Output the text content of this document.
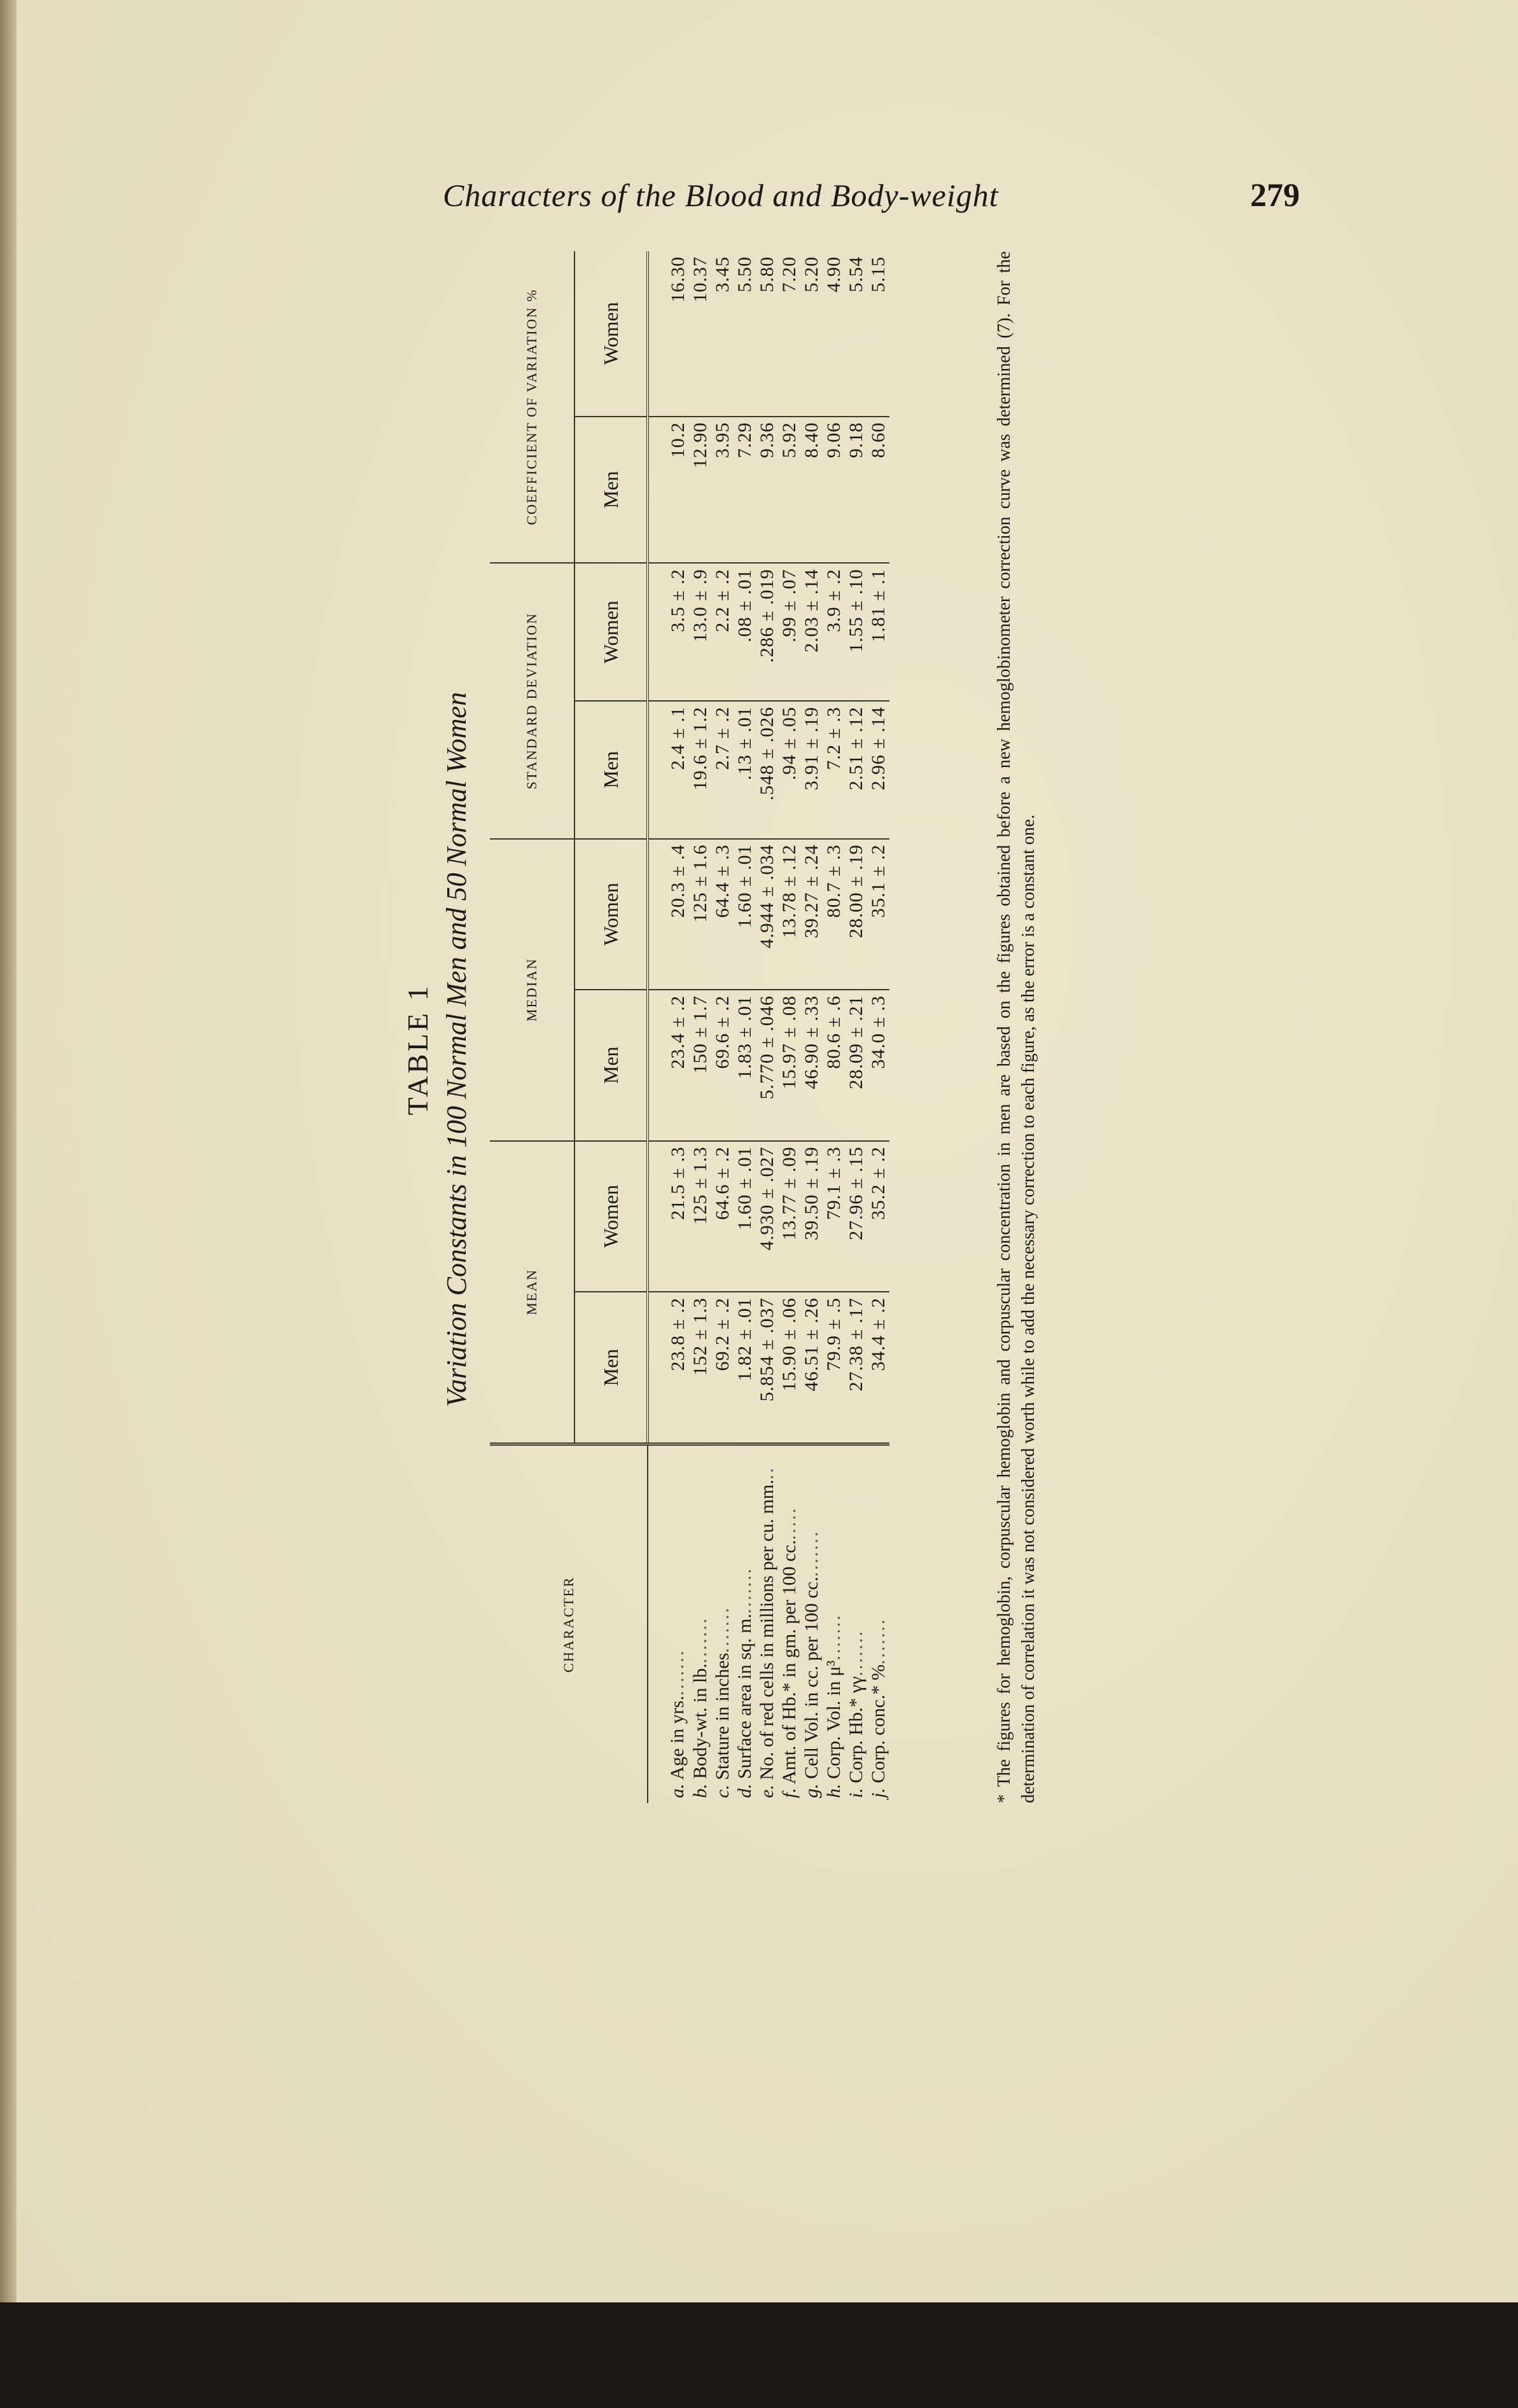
Characters of the Blood and Body-weight	279
TABLE 1 Variation Constants in 100 Normal Men and 50 Normal Women
CHARACTER	MEAN		MEDIAN		STANDARD DEVIATION		COEFFICIENT OF VARIATION %	
	Men	Women	Men	Women	Men	Women	Men	Women
a. Age in yrs........	23.8 ± .2	21.5 ± .3	23.4 ± .2	20.3 ± .4	2.4 ± .1	3.5 ± .2	10.2	16.30
b. Body-wt. in lb........	152 ± 1.3	125 ± 1.3	150 ± 1.7	125 ± 1.6	19.6 ± 1.2	13.0 ± .9	12.90	10.37
c. Stature in inches.......	69.2 ± .2	64.6 ± .2	69.6 ± .2	64.4 ± .3	2.7 ± .2	2.2 ± .2	3.95	3.45
d. Surface area in sq. m........	1.82 ± .01	1.60 ± .01	1.83 ± .01	1.60 ± .01	.13 ± .01	.08 ± .01	7.29	5.50
e. No. of red cells in millions per cu. mm...	5.854 ± .037	4.930 ± .027	5.770 ± .046	4.944 ± .034	.548 ± .026	.286 ± .019	9.36	5.80
f. Amt. of Hb.* in gm. per 100 cc......	15.90 ± .06	13.77 ± .09	15.97 ± .08	13.78 ± .12	.94 ± .05	.99 ± .07	5.92	7.20
g. Cell Vol. in cc. per 100 cc........	46.51 ± .26	39.50 ± .19	46.90 ± .33	39.27 ± .24	3.91 ± .19	2.03 ± .14	8.40	5.20
h. Corp. Vol. in μ³.......	79.9 ± .5	79.1 ± .3	80.6 ± .6	80.7 ± .3	7.2 ± .3	3.9 ± .2	9.06	4.90
i. Corp. Hb.* γγ.......	27.38 ± .17	27.96 ± .15	28.09 ± .21	28.00 ± .19	2.51 ± .12	1.55 ± .10	9.18	5.54
j. Corp. conc.* %.......	34.4 ± .2	35.2 ± .2	34.0 ± .3	35.1 ± .2	2.96 ± .14	1.81 ± .1	8.60	5.15	* The figures for hemoglobin, corpuscular hemoglobin and corpuscular concentration in men are based on the figures obtained before a new hemoglobinometer correction curve was determined (7). For the determination of correlation it was not considered worth while to add the necessary correction to each figure, as the error is a constant one.
